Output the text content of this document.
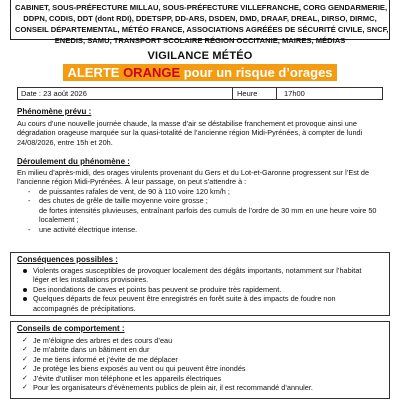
CABINET, SOUS-PRÉFECTURE MILLAU, SOUS-PRÉFECTURE VILLEFRANCHE, CORG GENDARMERIE,
DDPN, CODIS, DDT (dont RDI), DDETSPP, DD-ARS, DSDEN, DMD, DRAAF, DREAL, DIRSO, DIRMC,
CONSEIL DÉPARTEMENTAL, MÉTÉO FRANCE, ASSOCIATIONS AGRÉÉES DE SÉCURITÉ CIVILE, SNCF,
ENEDIS, SAMU, TRANSPORT SCOLAIRE RÉGION OCCITANIE, MAIRES, MÉDIAS
VIGILANCE MÉTÉO
ALERTE ORANGE pour un risque d’orages
Date : 23 août 2026	Heure	17h00
Phénomène prévu :
Au cours d’une nouvelle journée chaude, la masse d’air se déstabilise franchement et provoque ainsi une
dégradation orageuse marquée sur la quasi-totalité de l’ancienne région Midi-Pyrénées, à compter de lundi
24/08/2026, entre 15h et 20h.
Déroulement du phénomène :
En milieu d’après-midi, des orages virulents provenant du Gers et du Lot-et-Garonne progressent sur l’Est de
l’ancienne région Midi-Pyrénées. À leur passage, on peut s’attendre à :
- de puissantes rafales de vent, de 90 à 110 voire 120 km/h ;
- des chutes de grêle de taille moyenne voire grosse ;
de fortes intensités pluvieuses, entraînant parfois des cumuls de l’ordre de 30 mm en une heure voire 50
localement ;
- une activité électrique intense.
Conséquences possibles :
Violents orages susceptibles de provoquer localement des dégâts importants, notamment sur l’habitat
léger et les installations provisoires.
Des inondations de caves et points bas peuvent se produire très rapidement.
Quelques départs de feux peuvent être enregistrés en forêt suite à des impacts de foudre non
accompagnés de précipitations.
Conseils de comportement :
✓ Je m’éloigne des arbres et des cours d’eau
✓ Je m’abrite dans un bâtiment en dur
✓ Je me tiens informé et j’évite de me déplacer
✓ Je protège les biens exposés au vent ou qui peuvent être inondés
✓ J’évite d’utiliser mon téléphone et les appareils électriques
✓ Pour les organisateurs d’évènements publics de plein air, il est recommandé d’annuler.
